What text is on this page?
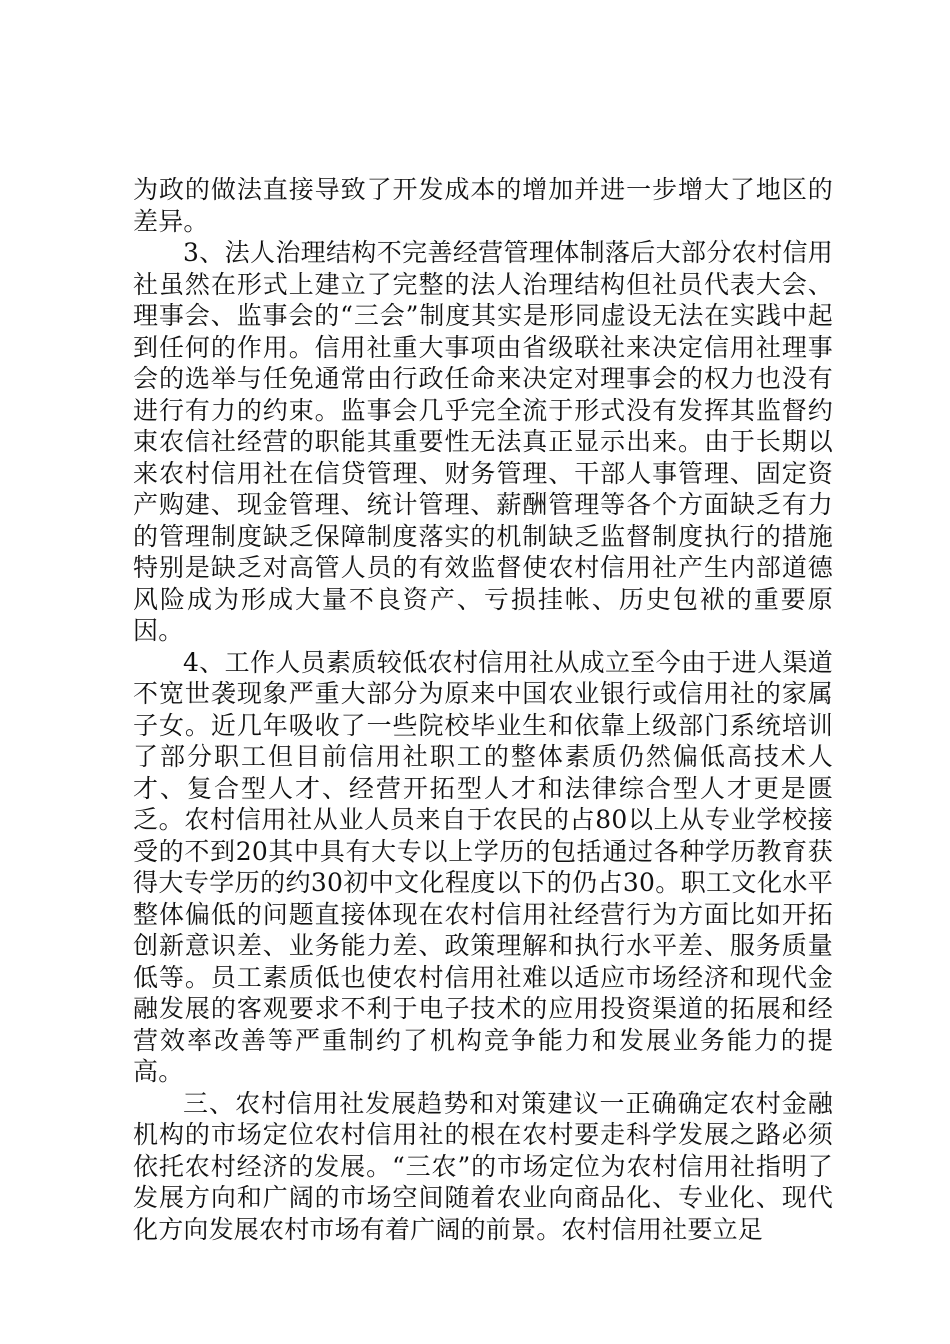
为政的做法直接导致了开发成本的增加并进一步增大了地区的差异。

3、法人治理结构不完善经营管理体制落后大部分农村信用社虽然在形式上建立了完整的法人治理结构但社员代表大会、理事会、监事会的“三会”制度其实是形同虚设无法在实践中起到任何的作用。信用社重大事项由省级联社来决定信用社理事会的选举与任免通常由行政任命来决定对理事会的权力也没有进行有力的约束。监事会几乎完全流于形式没有发挥其监督约束农信社经营的职能其重要性无法真正显示出来。由于长期以来农村信用社在信贷管理、财务管理、干部人事管理、固定资产购建、现金管理、统计管理、薪酬管理等各个方面缺乏有力的管理制度缺乏保障制度落实的机制缺乏监督制度执行的措施特别是缺乏对高管人员的有效监督使农村信用社产生内部道德风险成为形成大量不良资产、亏损挂帐、历史包袱的重要原因。

4、工作人员素质较低农村信用社从成立至今由于进人渠道不宽世袭现象严重大部分为原来中国农业银行或信用社的家属子女。近几年吸收了一些院校毕业生和依靠上级部门系统培训了部分职工但目前信用社职工的整体素质仍然偏低高技术人才、复合型人才、经营开拓型人才和法律综合型人才更是匮乏。农村信用社从业人员来自于农民的占80以上从专业学校接受的不到20其中具有大专以上学历的包括通过各种学历教育获得大专学历的约30初中文化程度以下的仍占30。职工文化水平整体偏低的问题直接体现在农村信用社经营行为方面比如开拓创新意识差、业务能力差、政策理解和执行水平差、服务质量低等。员工素质低也使农村信用社难以适应市场经济和现代金融发展的客观要求不利于电子技术的应用投资渠道的拓展和经营效率改善等严重制约了机构竞争能力和发展业务能力的提高。

三、农村信用社发展趋势和对策建议一正确确定农村金融机构的市场定位农村信用社的根在农村要走科学发展之路必须依托农村经济的发展。“三农”的市场定位为农村信用社指明了发展方向和广阔的市场空间随着农业向商品化、专业化、现代化方向发展农村市场有着广阔的前景。农村信用社要立足
